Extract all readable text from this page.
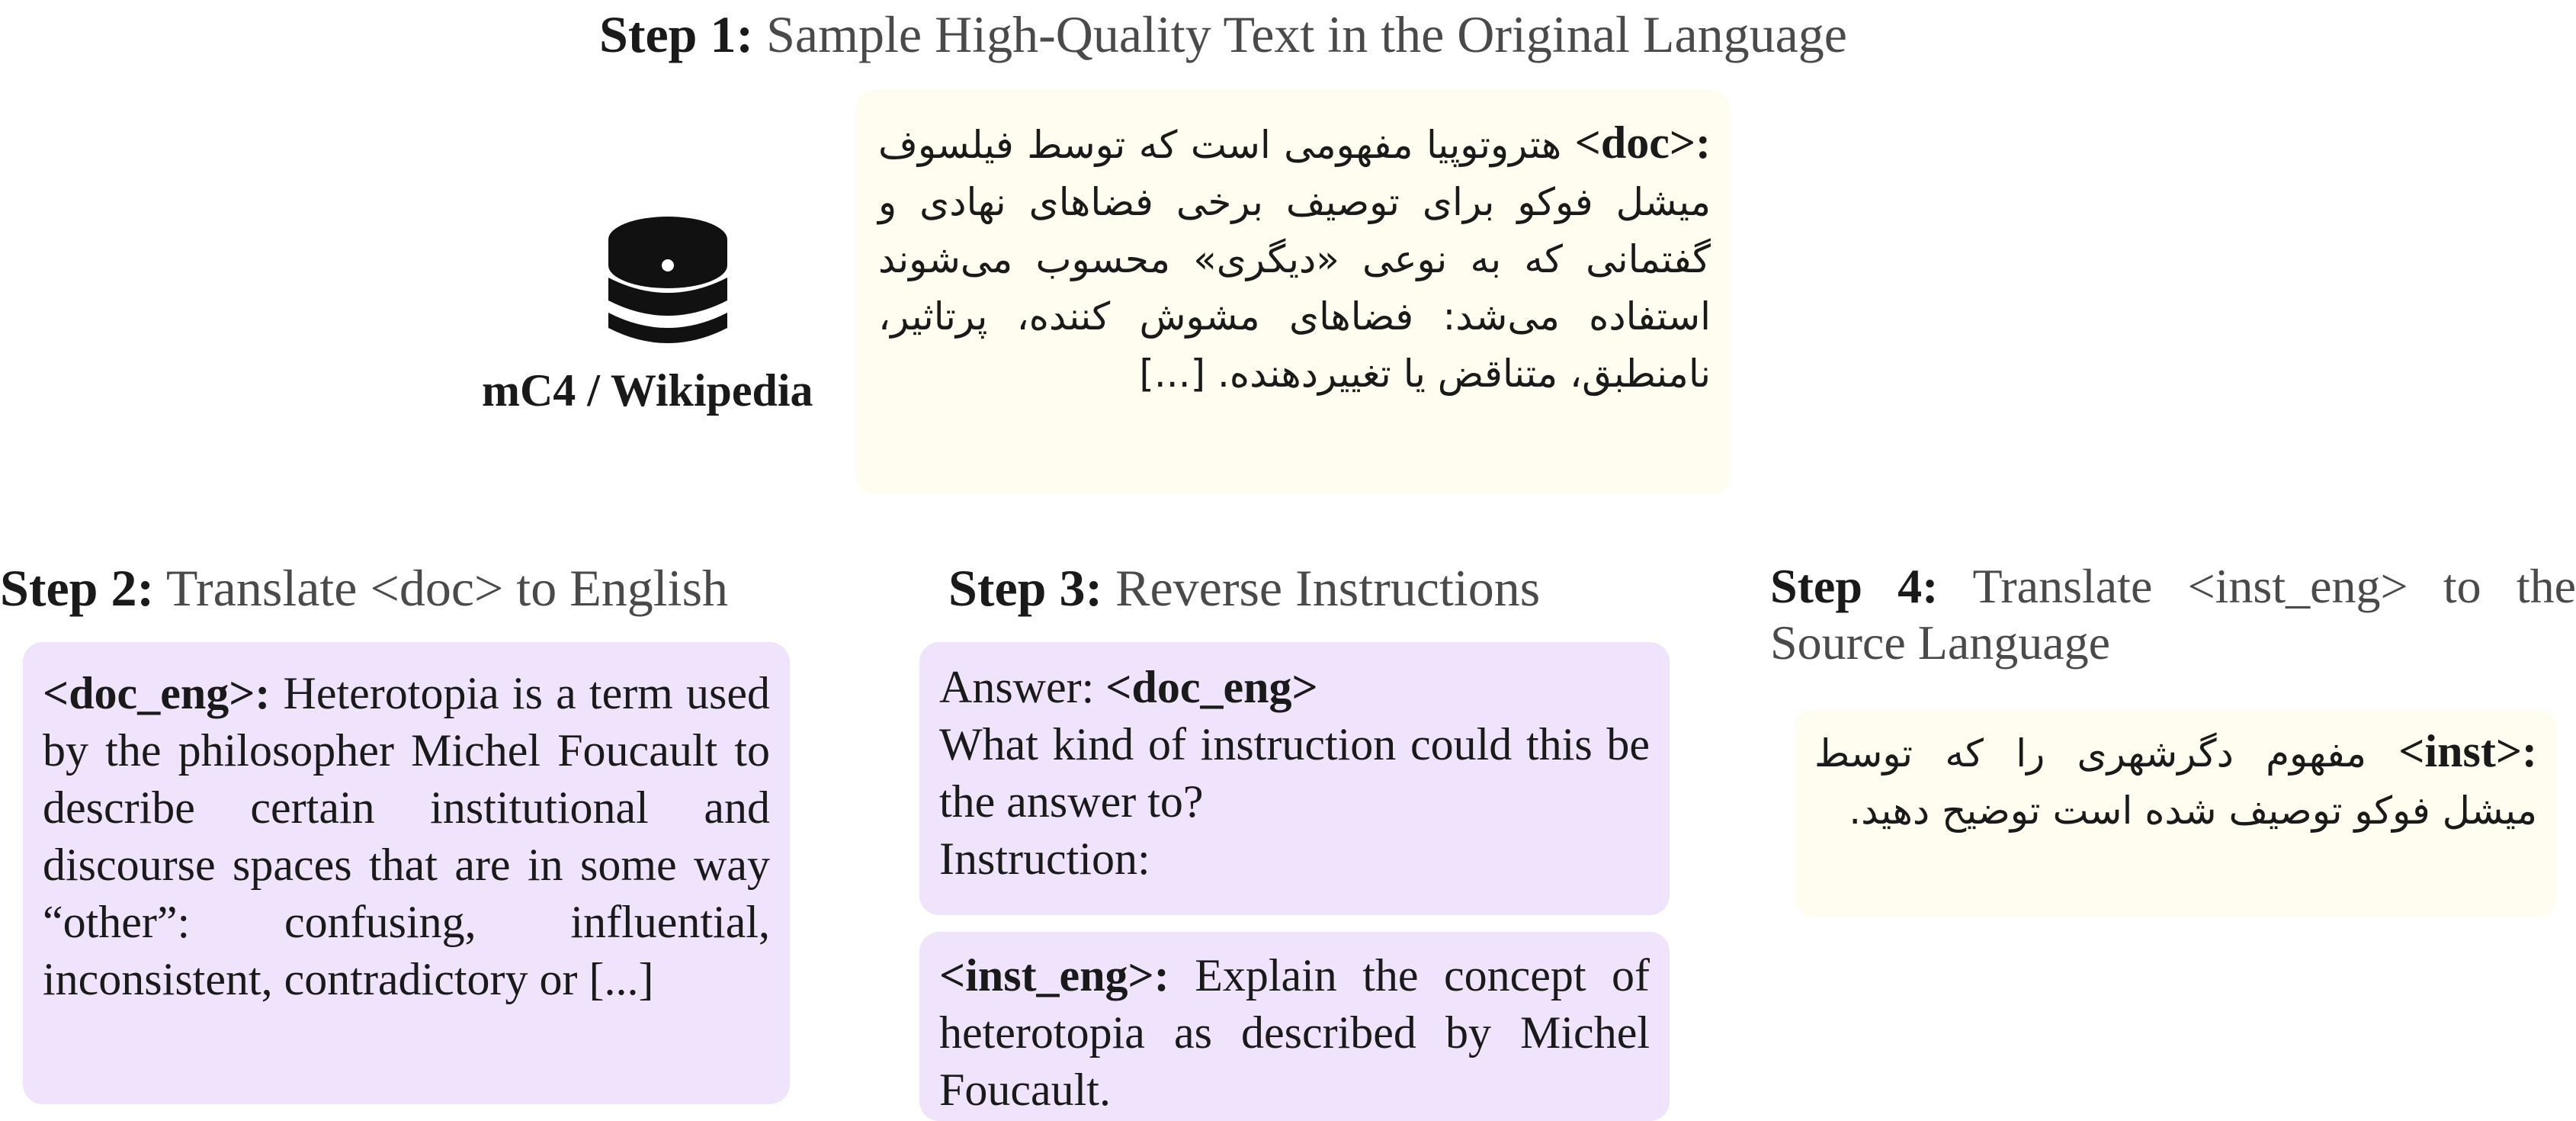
Step 1: Sample High-Quality Text in the Original Language
mC4 / Wikipedia
<doc>: هتروتوپیا مفهومی است که توسط فیلسوف میشل فوکو برای توصیف برخی فضاهای نهادی و گفتمانی که به نوعی «دیگری» محسوب می‌شوند استفاده می‌شد: فضاهای مشوش کننده، پرتاثیر، نامنطبق، متناقض یا تغییردهنده. [...]
Step 2: Translate <doc> to English
<doc_eng>: Heterotopia is a term used by the philosopher Michel Foucault to describe certain institutional and discourse spaces that are in some way “other”: confusing, influential, inconsistent, contradictory or [...]
Step 3: Reverse Instructions
Answer: <doc_eng>
What kind of instruction could this be the answer to?
Instruction:
<inst_eng>: Explain the concept of heterotopia as described by Michel Foucault.
Step 4: Translate <inst_eng> to the Source Language
<inst>: مفهوم دگرشهری را که توسط میشل فوکو توصیف شده است توضیح دهید.
